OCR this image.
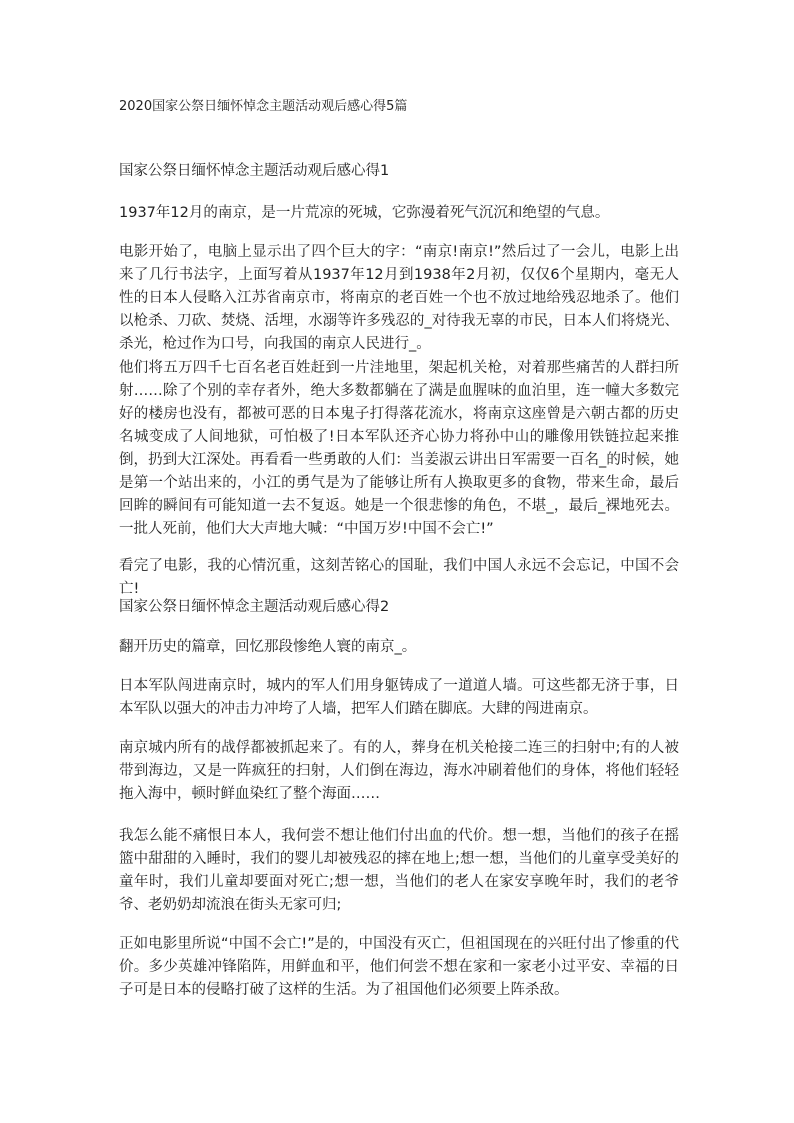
2020国家公祭日缅怀悼念主题活动观后感心得5篇

国家公祭日缅怀悼念主题活动观后感心得1

1937年12月的南京，是一片荒凉的死城，它弥漫着死气沉沉和绝望的气息。

电影开始了，电脑上显示出了四个巨大的字：“南京!南京!”然后过了一会儿，电影上出来了几行书法字，上面写着从1937年12月到1938年2月初，仅仅6个星期内，毫无人性的日本人侵略入江苏省南京市，将南京的老百姓一个也不放过地给残忍地杀了。他们以枪杀、刀砍、焚烧、活埋，水溺等许多残忍的_对待我无辜的市民，日本人们将烧光、杀光，枪过作为口号，向我国的南京人民进行_。

他们将五万四千七百名老百姓赶到一片洼地里，架起机关枪，对着那些痛苦的人群扫所射……除了个别的幸存者外，绝大多数都躺在了满是血腥味的血泊里，连一幢大多数完好的楼房也没有，都被可恶的日本鬼子打得落花流水，将南京这座曾是六朝古都的历史名城变成了人间地狱，可怕极了!日本军队还齐心协力将孙中山的雕像用铁链拉起来推倒，扔到大江深处。再看看一些勇敢的人们：当姜淑云讲出日军需要一百名_的时候，她是第一个站出来的，小江的勇气是为了能够让所有人换取更多的食物，带来生命，最后回眸的瞬间有可能知道一去不复返。她是一个很悲惨的角色，不堪_，最后_裸地死去。一批人死前，他们大大声地大喊：“中国万岁!中国不会亡!”

看完了电影，我的心情沉重，这刻苦铭心的国耻，我们中国人永远不会忘记，中国不会亡!

国家公祭日缅怀悼念主题活动观后感心得2

翻开历史的篇章，回忆那段惨绝人寰的南京_。

日本军队闯进南京时，城内的军人们用身躯铸成了一道道人墙。可这些都无济于事，日本军队以强大的冲击力冲垮了人墙，把军人们踏在脚底。大肆的闯进南京。

南京城内所有的战俘都被抓起来了。有的人，葬身在机关枪接二连三的扫射中;有的人被带到海边，又是一阵疯狂的扫射，人们倒在海边，海水冲刷着他们的身体，将他们轻轻拖入海中，顿时鲜血染红了整个海面……

我怎么能不痛恨日本人，我何尝不想让他们付出血的代价。想一想，当他们的孩子在摇篮中甜甜的入睡时，我们的婴儿却被残忍的摔在地上;想一想，当他们的儿童享受美好的童年时，我们儿童却要面对死亡;想一想，当他们的老人在家安享晚年时，我们的老爷爷、老奶奶却流浪在街头无家可归;

正如电影里所说“中国不会亡!”是的，中国没有灭亡，但祖国现在的兴旺付出了惨重的代价。多少英雄冲锋陷阵，用鲜血和平，他们何尝不想在家和一家老小过平安、幸福的日子可是日本的侵略打破了这样的生活。为了祖国他们必须要上阵杀敌。
